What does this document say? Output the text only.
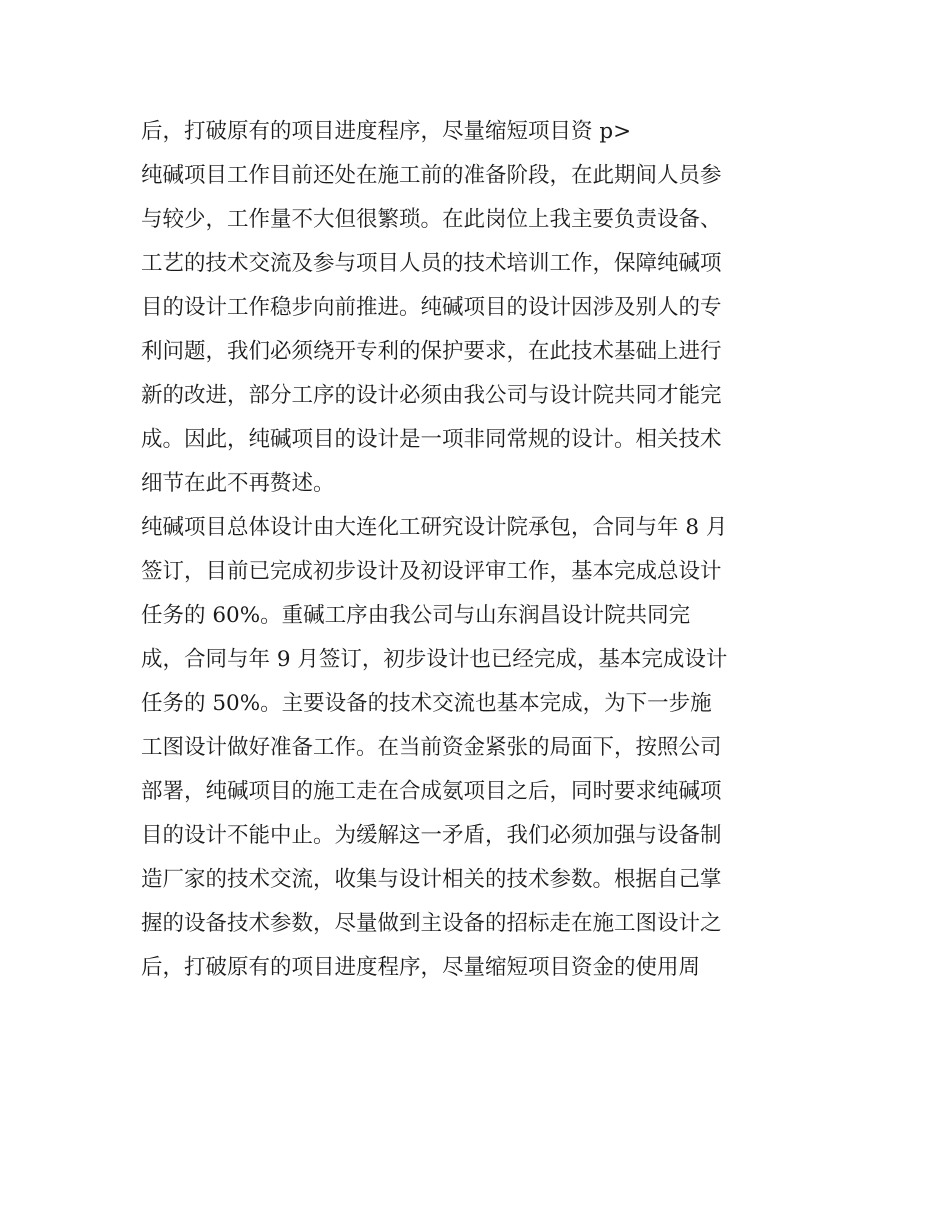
后，打破原有的项目进度程序，尽量缩短项目资 p>
纯碱项目工作目前还处在施工前的准备阶段，在此期间人员参
与较少，工作量不大但很繁琐。在此岗位上我主要负责设备、
工艺的技术交流及参与项目人员的技术培训工作，保障纯碱项
目的设计工作稳步向前推进。纯碱项目的设计因涉及别人的专
利问题，我们必须绕开专利的保护要求，在此技术基础上进行
新的改进，部分工序的设计必须由我公司与设计院共同才能完
成。因此，纯碱项目的设计是一项非同常规的设计。相关技术
细节在此不再赘述。
纯碱项目总体设计由大连化工研究设计院承包，合同与年 8 月
签订，目前已完成初步设计及初设评审工作，基本完成总设计
任务的 60%。重碱工序由我公司与山东润昌设计院共同完
成，合同与年 9 月签订，初步设计也已经完成，基本完成设计
任务的 50%。主要设备的技术交流也基本完成，为下一步施
工图设计做好准备工作。在当前资金紧张的局面下，按照公司
部署，纯碱项目的施工走在合成氨项目之后，同时要求纯碱项
目的设计不能中止。为缓解这一矛盾，我们必须加强与设备制
造厂家的技术交流，收集与设计相关的技术参数。根据自己掌
握的设备技术参数，尽量做到主设备的招标走在施工图设计之
后，打破原有的项目进度程序，尽量缩短项目资金的使用周
